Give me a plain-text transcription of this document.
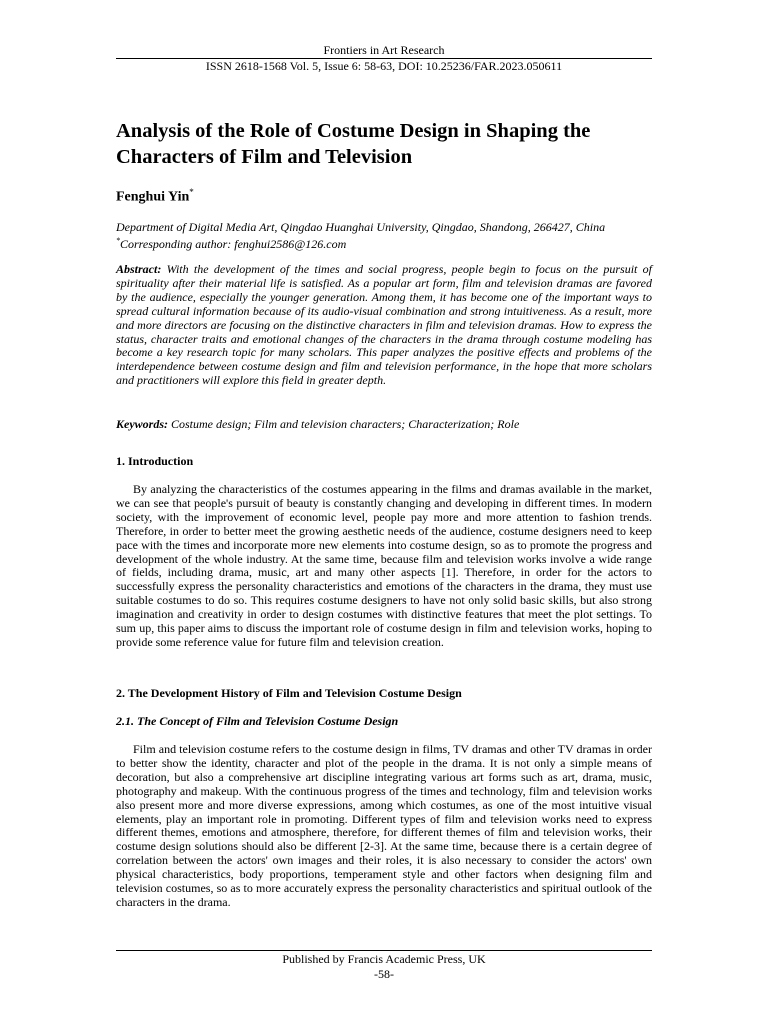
Frontiers in Art Research
ISSN 2618-1568 Vol. 5, Issue 6: 58-63, DOI: 10.25236/FAR.2023.050611
Analysis of the Role of Costume Design in Shaping the Characters of Film and Television
Fenghui Yin*
Department of Digital Media Art, Qingdao Huanghai University, Qingdao, Shandong, 266427, China
*Corresponding author: fenghui2586@126.com

Abstract: With the development of the times and social progress, people begin to focus on the pursuit of spirituality after their material life is satisfied. As a popular art form, film and television dramas are favored by the audience, especially the younger generation. Among them, it has become one of the important ways to spread cultural information because of its audio-visual combination and strong intuitiveness. As a result, more and more directors are focusing on the distinctive characters in film and television dramas. How to express the status, character traits and emotional changes of the characters in the drama through costume modeling has become a key research topic for many scholars. This paper analyzes the positive effects and problems of the interdependence between costume design and film and television performance, in the hope that more scholars and practitioners will explore this field in greater depth.

Keywords: Costume design; Film and television characters; Characterization; Role

1. Introduction

By analyzing the characteristics of the costumes appearing in the films and dramas available in the market, we can see that people's pursuit of beauty is constantly changing and developing in different times. In modern society, with the improvement of economic level, people pay more and more attention to fashion trends. Therefore, in order to better meet the growing aesthetic needs of the audience, costume designers need to keep pace with the times and incorporate more new elements into costume design, so as to promote the progress and development of the whole industry. At the same time, because film and television works involve a wide range of fields, including drama, music, art and many other aspects [1]. Therefore, in order for the actors to successfully express the personality characteristics and emotions of the characters in the drama, they must use suitable costumes to do so. This requires costume designers to have not only solid basic skills, but also strong imagination and creativity in order to design costumes with distinctive features that meet the plot settings. To sum up, this paper aims to discuss the important role of costume design in film and television works, hoping to provide some reference value for future film and television creation.

2. The Development History of Film and Television Costume Design
2.1. The Concept of Film and Television Costume Design

Film and television costume refers to the costume design in films, TV dramas and other TV dramas in order to better show the identity, character and plot of the people in the drama. It is not only a simple means of decoration, but also a comprehensive art discipline integrating various art forms such as art, drama, music, photography and makeup. With the continuous progress of the times and technology, film and television works also present more and more diverse expressions, among which costumes, as one of the most intuitive visual elements, play an important role in promoting. Different types of film and television works need to express different themes, emotions and atmosphere, therefore, for different themes of film and television works, their costume design solutions should also be different [2-3]. At the same time, because there is a certain degree of correlation between the actors' own images and their roles, it is also necessary to consider the actors' own physical characteristics, body proportions, temperament style and other factors when designing film and television costumes, so as to more accurately express the personality characteristics and spiritual outlook of the characters in the drama.

Published by Francis Academic Press, UK
-58-
